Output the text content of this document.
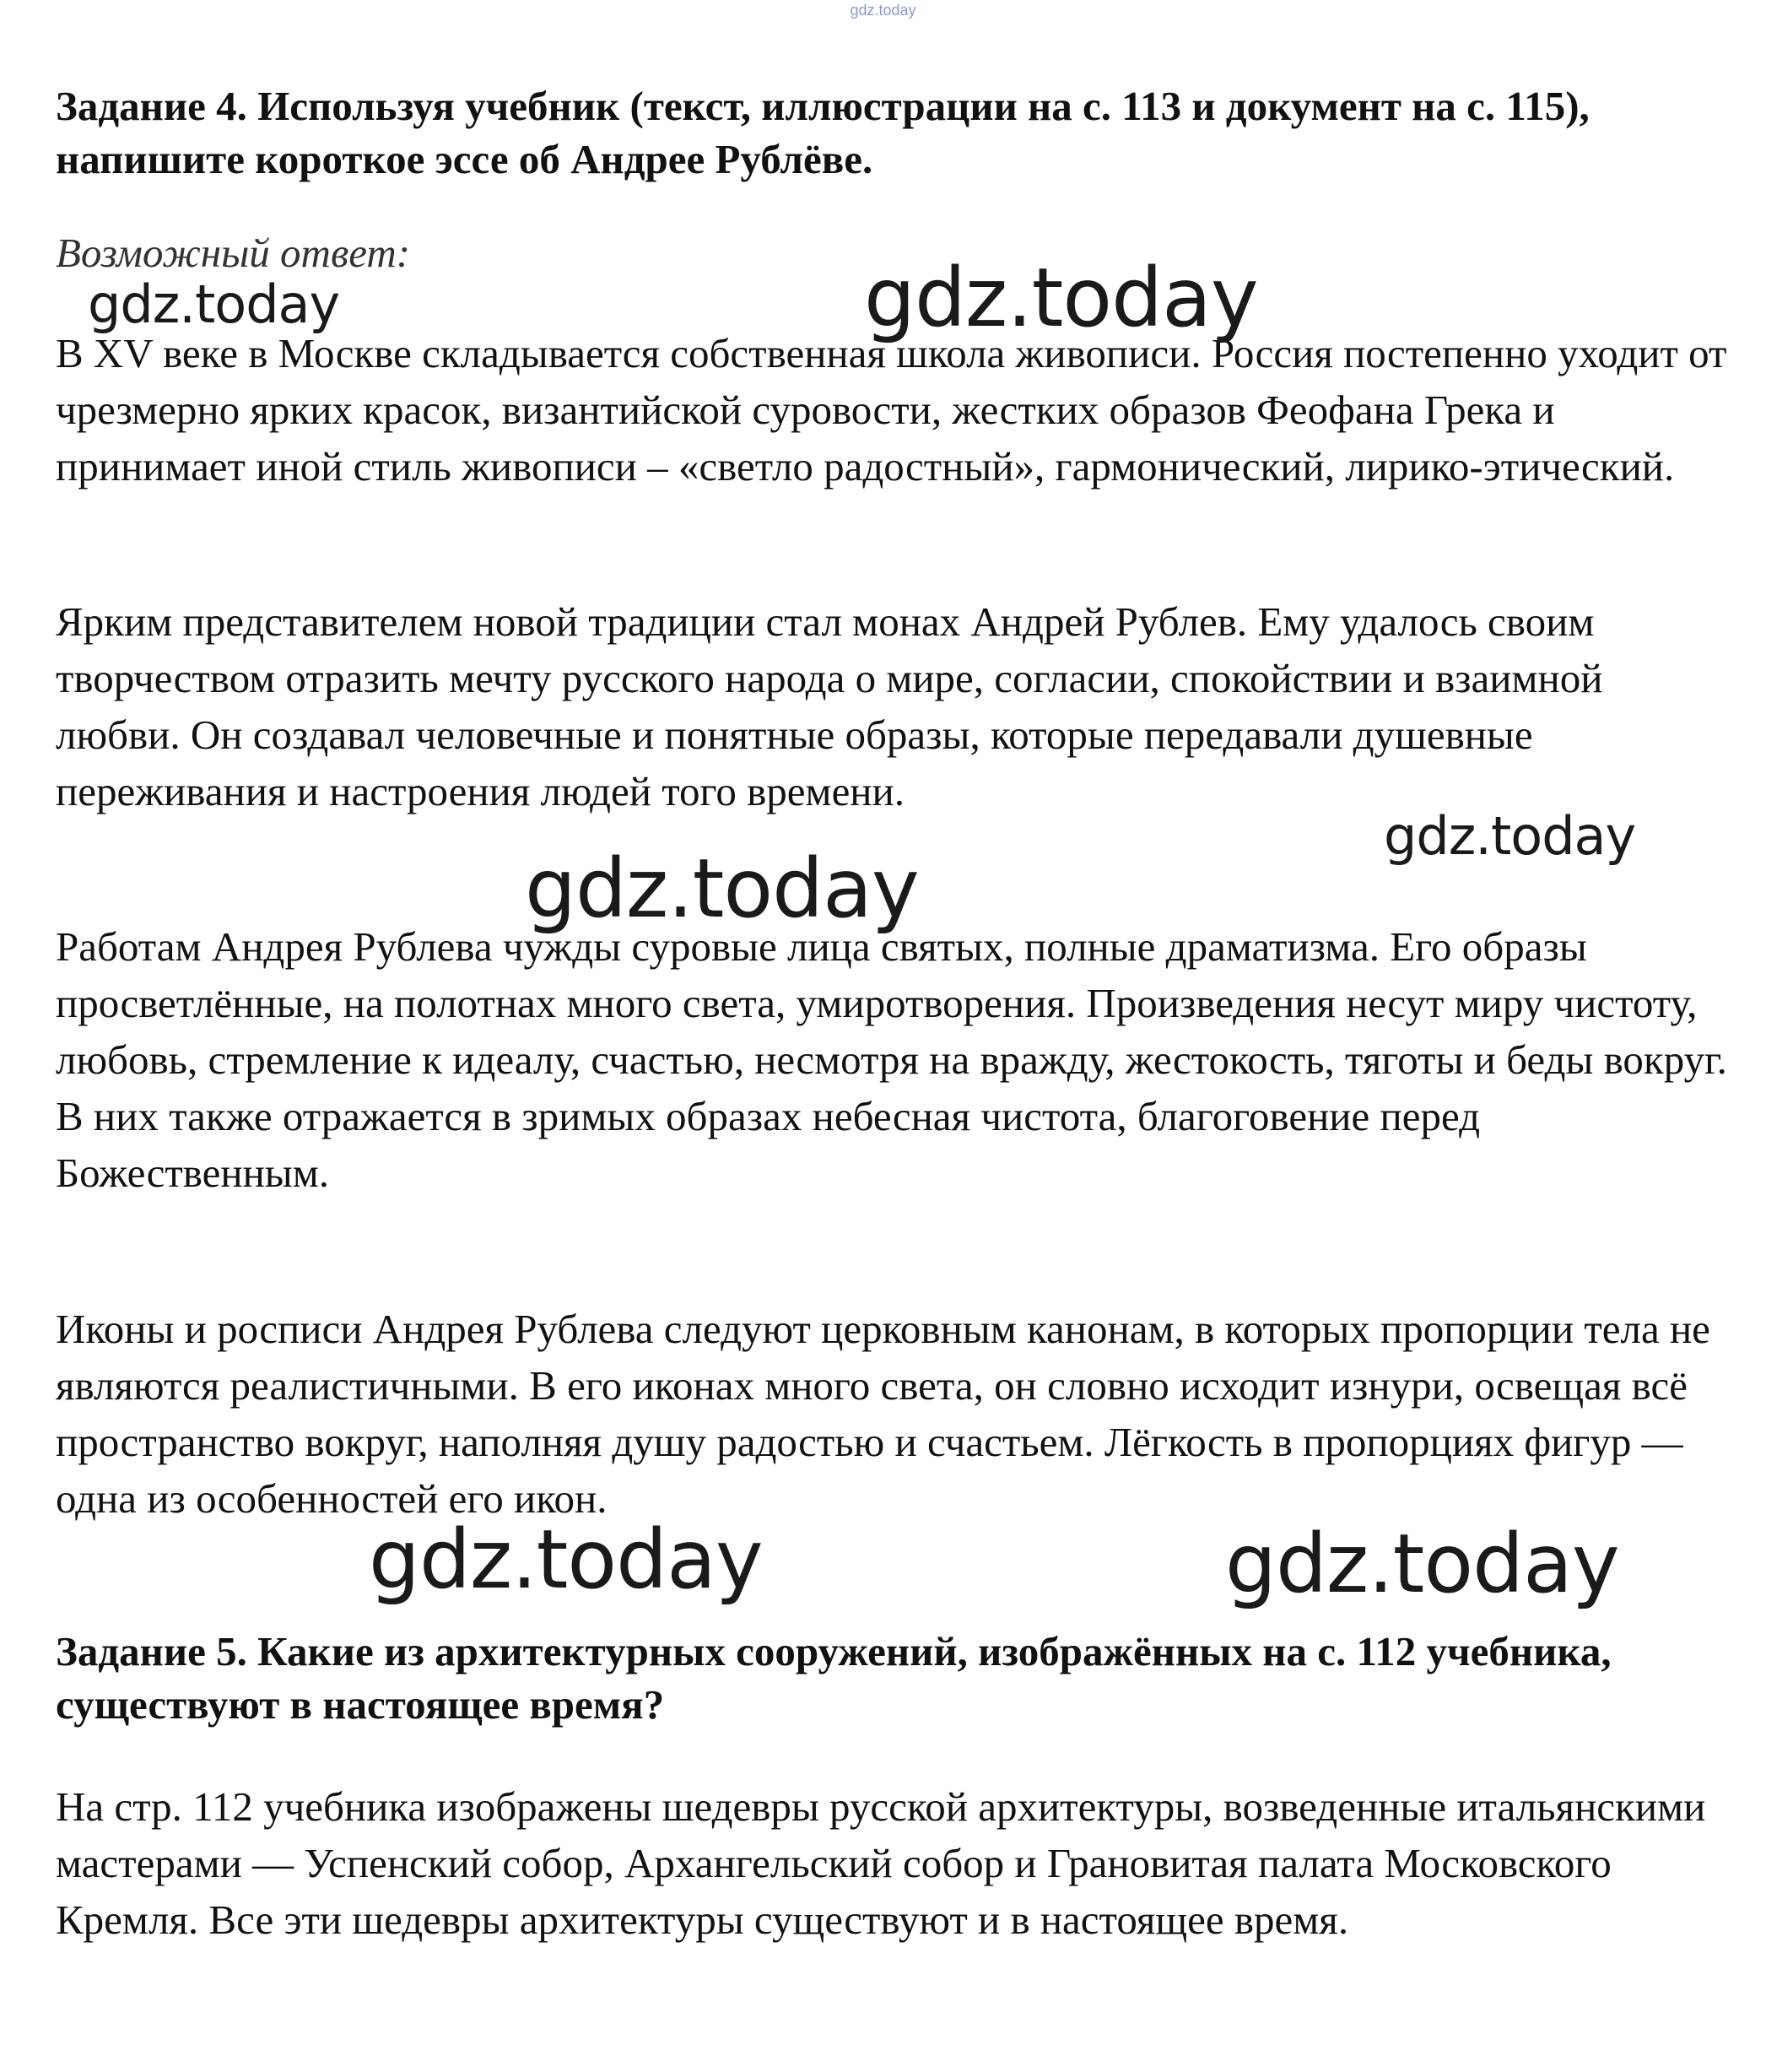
gdz.today
Задание 4. Используя учебник (текст, иллюстрации на с. 113 и документ на с. 115), напишите короткое эссе об Андрее Рублёве.
Возможный ответ:

В XV веке в Москве складывается собственная школа живописи. Россия постепенно уходит от чрезмерно ярких красок, византийской суровости, жестких образов Феофана Грека и принимает иной стиль живописи – «светло радостный», гармонический, лирико-этический.

Ярким представителем новой традиции стал монах Андрей Рублев. Ему удалось своим творчеством отразить мечту русского народа о мире, согласии, спокойствии и взаимной любви. Он создавал человечные и понятные образы, которые передавали душевные переживания и настроения людей того времени.

Работам Андрея Рублева чужды суровые лица святых, полные драматизма. Его образы просветлённые, на полотнах много света, умиротворения. Произведения несут миру чистоту, любовь, стремление к идеалу, счастью, несмотря на вражду, жестокость, тяготы и беды вокруг. В них также отражается в зримых образах небесная чистота, благоговение перед Божественным.

Иконы и росписи Андрея Рублева следуют церковным канонам, в которых пропорции тела не являются реалистичными. В его иконах много света, он словно исходит изнури, освещая всё пространство вокруг, наполняя душу радостью и счастьем. Лёгкость в пропорциях фигур — одна из особенностей его икон.

Задание 5. Какие из архитектурных сооружений, изображённых на с. 112 учебника, существуют в настоящее время?

На стр. 112 учебника изображены шедевры русской архитектуры, возведенные итальянскими мастерами — Успенский собор, Архангельский собор и Грановитая палата Московского Кремля. Все эти шедевры архитектуры существуют и в настоящее время.

gdz.today	gdz.today
gdz.today
gdz.today
gdz.today	gdz.today
